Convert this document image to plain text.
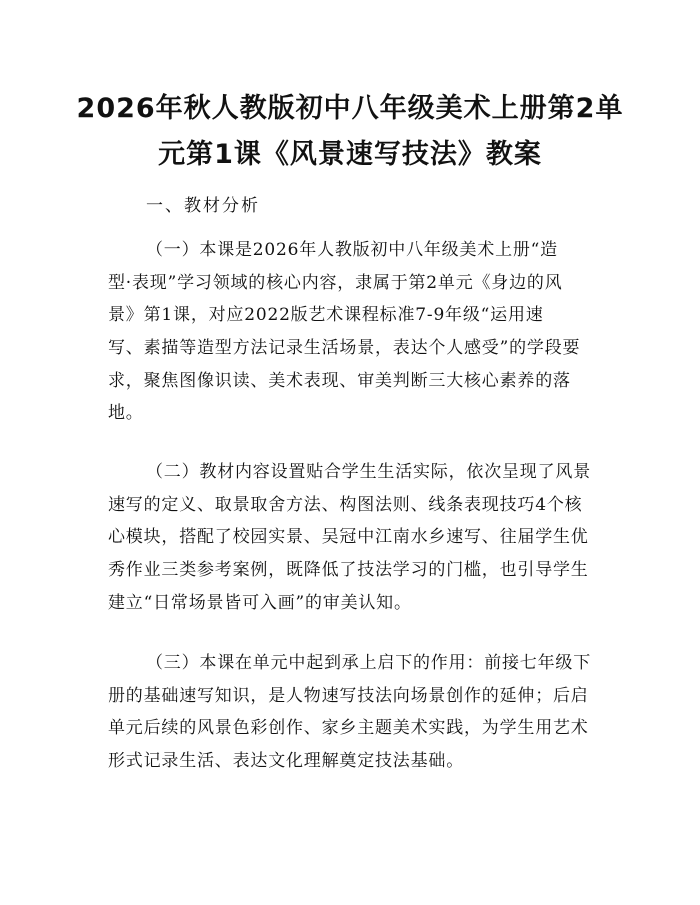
2026年秋人教版初中八年级美术上册第2单
元第1课《风景速写技法》教案
一、教材分析
（一）本课是2026年人教版初中八年级美术上册“造
型·表现”学习领域的核心内容，隶属于第2单元《身边的风
景》第1课，对应2022版艺术课程标准7-9年级“运用速
写、素描等造型方法记录生活场景，表达个人感受”的学段要
求，聚焦图像识读、美术表现、审美判断三大核心素养的落
地。
（二）教材内容设置贴合学生生活实际，依次呈现了风景
速写的定义、取景取舍方法、构图法则、线条表现技巧4个核
心模块，搭配了校园实景、吴冠中江南水乡速写、往届学生优
秀作业三类参考案例，既降低了技法学习的门槛，也引导学生
建立“日常场景皆可入画”的审美认知。
（三）本课在单元中起到承上启下的作用：前接七年级下
册的基础速写知识，是人物速写技法向场景创作的延伸；后启
单元后续的风景色彩创作、家乡主题美术实践，为学生用艺术
形式记录生活、表达文化理解奠定技法基础。
